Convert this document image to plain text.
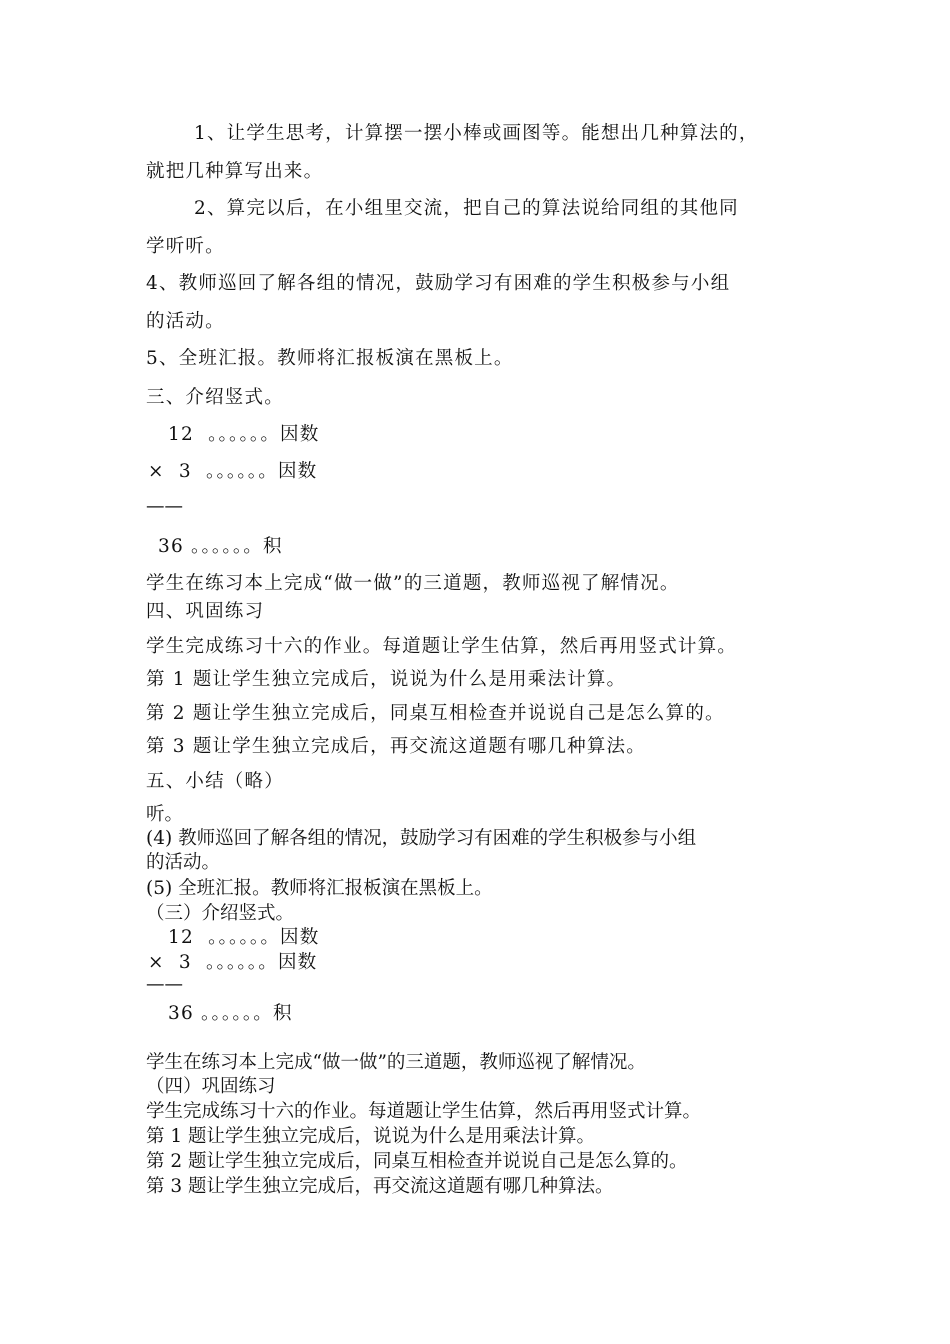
1、让学生思考，计算摆一摆小棒或画图等。能想出几种算法的，
就把几种算写出来。
2、算完以后，在小组里交流，把自己的算法说给同组的其他同
学听听。
4、教师巡回了解各组的情况，鼓励学习有困难的学生积极参与小组
的活动。
5、全班汇报。教师将汇报板演在黑板上。
三、介绍竖式。
12  。。。。。。因数
×  3  。。。。。。因数
——
36 。。。。。。积
学生在练习本上完成“做一做”的三道题，教师巡视了解情况。
四、巩固练习
学生完成练习十六的作业。每道题让学生估算，然后再用竖式计算。
第 1 题让学生独立完成后，说说为什么是用乘法计算。
第 2 题让学生独立完成后，同桌互相检查并说说自己是怎么算的。
第 3 题让学生独立完成后，再交流这道题有哪几种算法。
五、小结（略）
听。
(4) 教师巡回了解各组的情况，鼓励学习有困难的学生积极参与小组
的活动。
(5) 全班汇报。教师将汇报板演在黑板上。
（三）介绍竖式。
12  。。。。。。因数
×  3  。。。。。。因数
——
36 。。。。。。积
学生在练习本上完成“做一做”的三道题，教师巡视了解情况。
（四）巩固练习
学生完成练习十六的作业。每道题让学生估算，然后再用竖式计算。
第 1 题让学生独立完成后，说说为什么是用乘法计算。
第 2 题让学生独立完成后，同桌互相检查并说说自己是怎么算的。
第 3 题让学生独立完成后，再交流这道题有哪几种算法。
